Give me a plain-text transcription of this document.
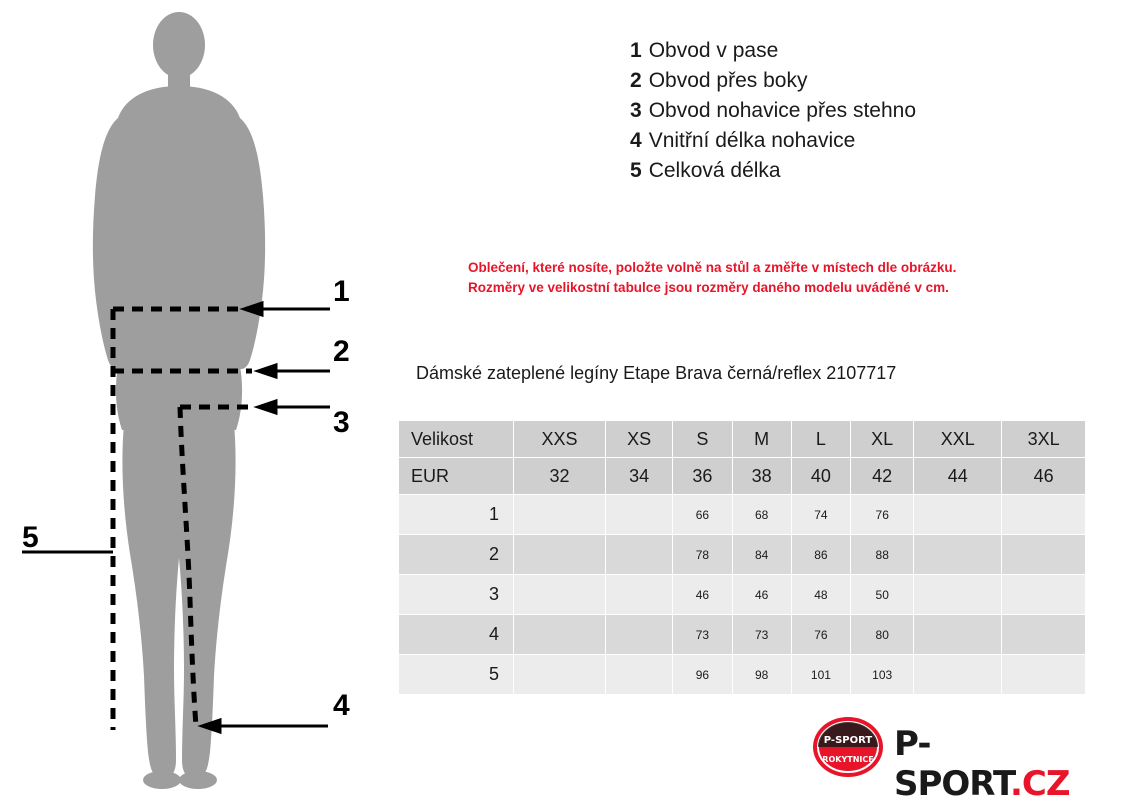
1
2
3
4
5
1 Obvod v pase
2 Obvod přes boky
3 Obvod nohavice přes stehno
4 Vnitřní délka nohavice
5 Celková délka
Oblečení, které nosíte, položte volně na stůl a změřte v místech dle obrázku.
Rozměry ve velikostní tabulce jsou rozměry daného modelu uváděné v cm.
Dámské zateplené legíny Etape Brava černá/reflex 2107717
Velikost	XXS	XS	S	M	L	XL	XXL	3XL
EUR	32	34	36	38	40	42	44	46
1			66	68	74	76		
2			78	84	86	88		
3			46	46	48	50		
4			73	73	76	80		
5			96	98	101	103		
P-SPORT
ROKYTNICE P-SPORT.CZ
